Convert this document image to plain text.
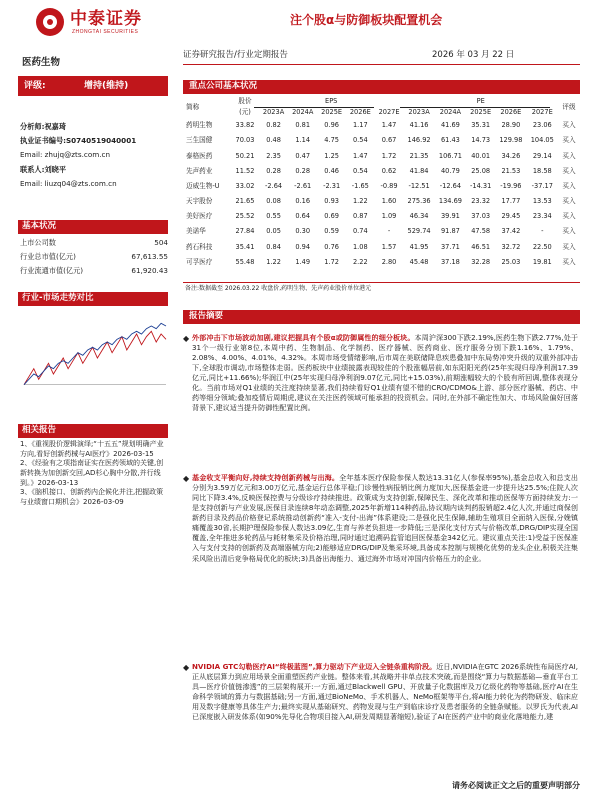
中泰证券
ZHONGTAI SECURITIES
注个股α与防御板块配置机会
医药生物
证券研究报告/行业定期报告	2026 年 03 月 22 日
评级:	增持(维持)
分析师:祝嘉琦
执业证书编号:S0740519040001
Email: zhujq@zts.com.cn
联系人:刘晓平
Email: liuzq04@zts.com.cn
基本状况
上市公司数	504
行业总市值(亿元)	67,613.55
行业流通市值(亿元)	61,920.43
行业-市场走势对比
相关报告

1、《重视股价逻辑演绎;“十五五”规划明确产业方向,看好创新药械与AI医疗》2026-03-15

2、《经验有之项指南证实在医药领域的关键,创新转换为加创新交回,AD杉心胸中分散,并行线到。》2026-03-13

3、《脑机接口、创新药内企候化并注,把握政策与业绩窗口期机会》2026-03-09

重点公司基本状况
简称	股价	EPS					PE					评级
	(元)	2023A	2024A	2025E	2026E	2027E	2023A	2024A	2025E	2026E	2027E	
药明生物	33.82	0.82	0.81	0.96	1.17	1.47	41.16	41.69	35.31	28.90	23.06	买入
三生国健	70.03	0.48	1.14	4.75	0.54	0.67	146.92	61.43	14.73	129.98	104.05	买入
泰格医药	50.21	2.35	0.47	1.25	1.47	1.72	21.35	106.71	40.01	34.26	29.14	买入
先声药业	11.52	0.28	0.28	0.46	0.54	0.62	41.84	40.79	25.08	21.53	18.58	买入
迈威生物-U	33.02	-2.64	-2.61	-2.31	-1.65	-0.89	-12.51	-12.64	-14.31	-19.96	-37.17	买入
天宇股份	21.65	0.08	0.16	0.93	1.22	1.60	275.36	134.69	23.32	17.77	13.53	买入
美好医疗	25.52	0.55	0.64	0.69	0.87	1.09	46.34	39.91	37.03	29.45	23.34	买入
美诺华	27.84	0.05	0.30	0.59	0.74	-	529.74	91.87	47.58	37.42	-	买入
药石科技	35.41	0.84	0.94	0.76	1.08	1.57	41.95	37.71	46.51	32.72	22.50	买入
可孚医疗	55.48	1.22	1.49	1.72	2.22	2.80	45.48	37.18	32.28	25.03	19.81	买入
备注:数据截至 2026.03.22 收盘价,药明生物、先声药业股价单位港元
报告摘要
◆ 外部冲击下市场波动加剧,建议把握具有个股α或防御属性的细分板块。本周沪深300下跌2.19%,医药生物下跌2.77%,处于31个一级行业第8位,本周中药、生物制品、化学制药、医疗器械、医药商业、医疗服务分别下跌1.16%、1.79%、2.08%、4.00%、4.01%、4.32%。本周市场受情绪影响,后市周在美联储降息疾患叠加中东局势冲突升级的双重外部冲击下,全球股市调动,市场整体走弱。医药板块中业绩披露表现较佳的个股涨幅居前,如东阳阳光药(25年实现归母净利润17.39亿元,同比+11.66%);华润江中(25年实现归母净利润9.07亿元,同比+15.03%),前期涨幅较大的个股有所回调,整体表现分化。当前市场对Q1业绩的关注度持续显著,我们持续看好Q1业绩有望不错的CRO/CDMO&上游、部分医疗器械、药店、中药等细分领域;叠加疫情后周期虎,建议在关注医药领域可能承担的投资机会。同时,在外部不确定性加大、市场风险偏好回落背景下,建议适当提升防御性配置比例。
◆ 基金收支平衡向好,持续支持创新药械与出海。全年基本医疗保险参保人数达13.31亿人(参保率95%),基金总收入和总支出分别为3.59万亿元和3.00万亿元,基金运行总体平稳;门诊慢性病报销比例力度加大,医保基金进一步提升达25.5%;住院人次同比下降3.4%,反映医保控费与分级诊疗持续推进。政策成为支持创新,保障民生、深化改革和推动医保等方面持续发力:一是支持创新与产业发展,医保目录连续8年动态调整,2025年新增114种药品,协议期内谈判药报销超2.4亿人次,并通过商保创新药目录及药品价格登记系统推动创新药“准入-支付-出海”体系建设;二是强化民生保障,辅助生殖项目全面纳入医保,分娩镇痛覆盖30省,长期护理保险参保人数达3.09亿,生育与养老负担进一步降低;三是深化支付方式与价格改革,DRG/DIP实现全国覆盖,全年推进多轮药品与耗材集采及价格治理,同时通过追溯码监管追回医保基金342亿元。建议重点关注:1)受益于医保准入与支付支持的创新药及高端器械方向;2)能够适应DRG/DIP及集采环境,具备成本控制与规模化优势的龙头企业,积极关注集采风险出清后竞争格局优化的板块;3)具备出海能力、通过海外市场对冲国内价格压力的企业。
◆ NVIDIA GTC勾勒医疗AI“终极蓝图”,算力驱动下产业迈入全链条重构阶段。近日,NVIDIA在GTC 2026系统性布局医疗AI,正从底层算力到应用场景全面重塑医药产业链。整体来看,其战略并非单点技术突破,而是围绕“算力与数据基础—垂直平台工具—医疗价值链渗透”的三层架构展开:一方面,通过Blackwell GPU、开放量子化数据库及万亿级化药物等基础,医疗AI在生命科学领域的算力与数据基础;另一方面,通过BioNeMo、手术机器人、NeMo框架等平台,将AI能力转化为药物研发、临床应用及数字健康等具体生产力;最终实现从基础研究、药物发现与生产到临床诊疗及患者服务的全链条赋能。以罗氏为代表,AI已深度嵌入研发体系(如90%先导化合物项目接入AI,研发周期显著缩短),验证了AI在医药产业中的商业化落地能力,建
请务必阅读正文之后的重要声明部分
